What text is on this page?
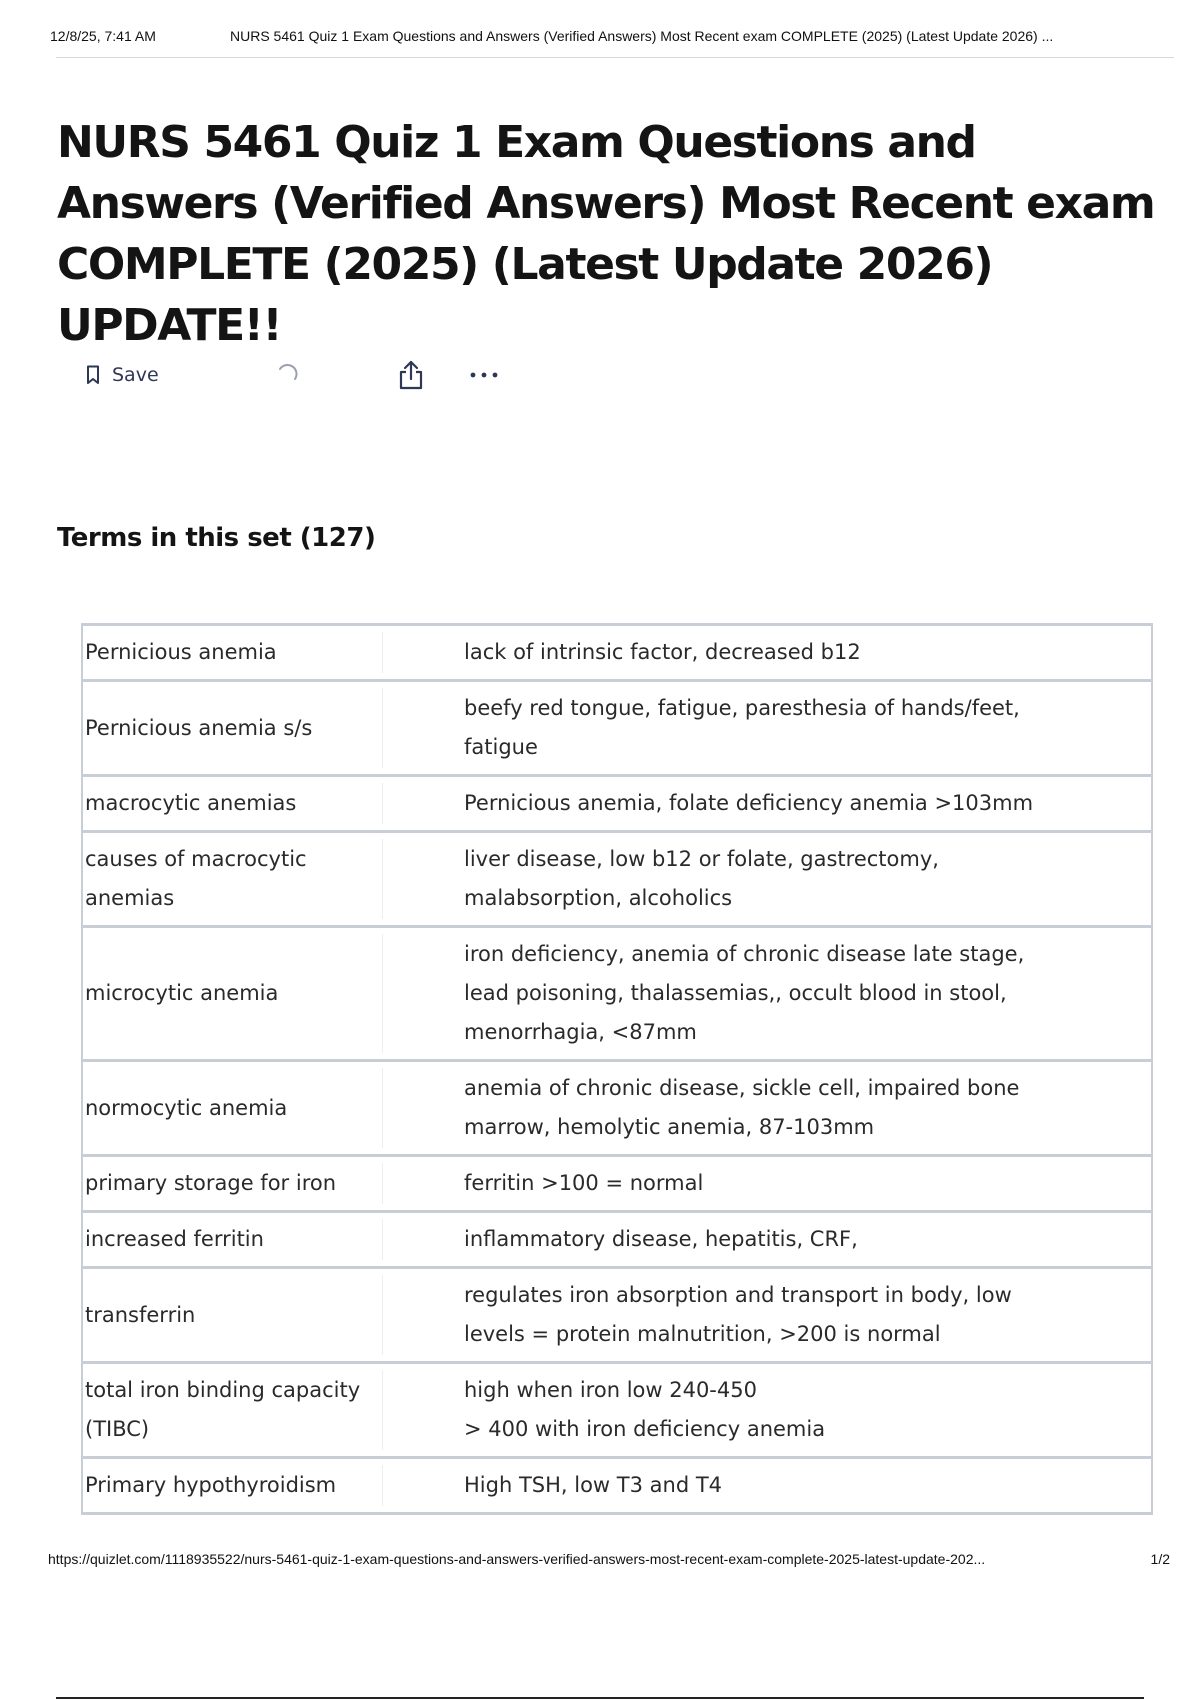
12/8/25, 7:41 AM	NURS 5461 Quiz 1 Exam Questions and Answers (Verified Answers) Most Recent exam COMPLETE (2025) (Latest Update 2026) ...
NURS 5461 Quiz 1 Exam Questions and Answers (Verified Answers) Most Recent exam COMPLETE (2025) (Latest Update 2026) UPDATE!!
Save
Terms in this set (127)
Pernicious anemia	lack of intrinsic factor, decreased b12

Pernicious anemia s/s	beefy red tongue, fatigue, paresthesia of hands/feet,
fatigue

macrocytic anemias	Pernicious anemia, folate deficiency anemia >103mm

causes of macrocytic anemias	liver disease, low b12 or folate, gastrectomy,
malabsorption, alcoholics

microcytic anemia	iron deficiency, anemia of chronic disease late stage,
lead poisoning, thalassemias,, occult blood in stool,
menorrhagia, <87mm

normocytic anemia	anemia of chronic disease, sickle cell, impaired bone
marrow, hemolytic anemia, 87-103mm

primary storage for iron	ferritin >100 = normal

increased ferritin	inflammatory disease, hepatitis, CRF,

transferrin	regulates iron absorption and transport in body, low
levels = protein malnutrition, >200 is normal

total iron binding capacity (TIBC)	high when iron low 240-450
> 400 with iron deficiency anemia

Primary hypothyroidism	High TSH, low T3 and T4
https://quizlet.com/1118935522/nurs-5461-quiz-1-exam-questions-and-answers-verified-answers-most-recent-exam-complete-2025-latest-update-202...	1/2
